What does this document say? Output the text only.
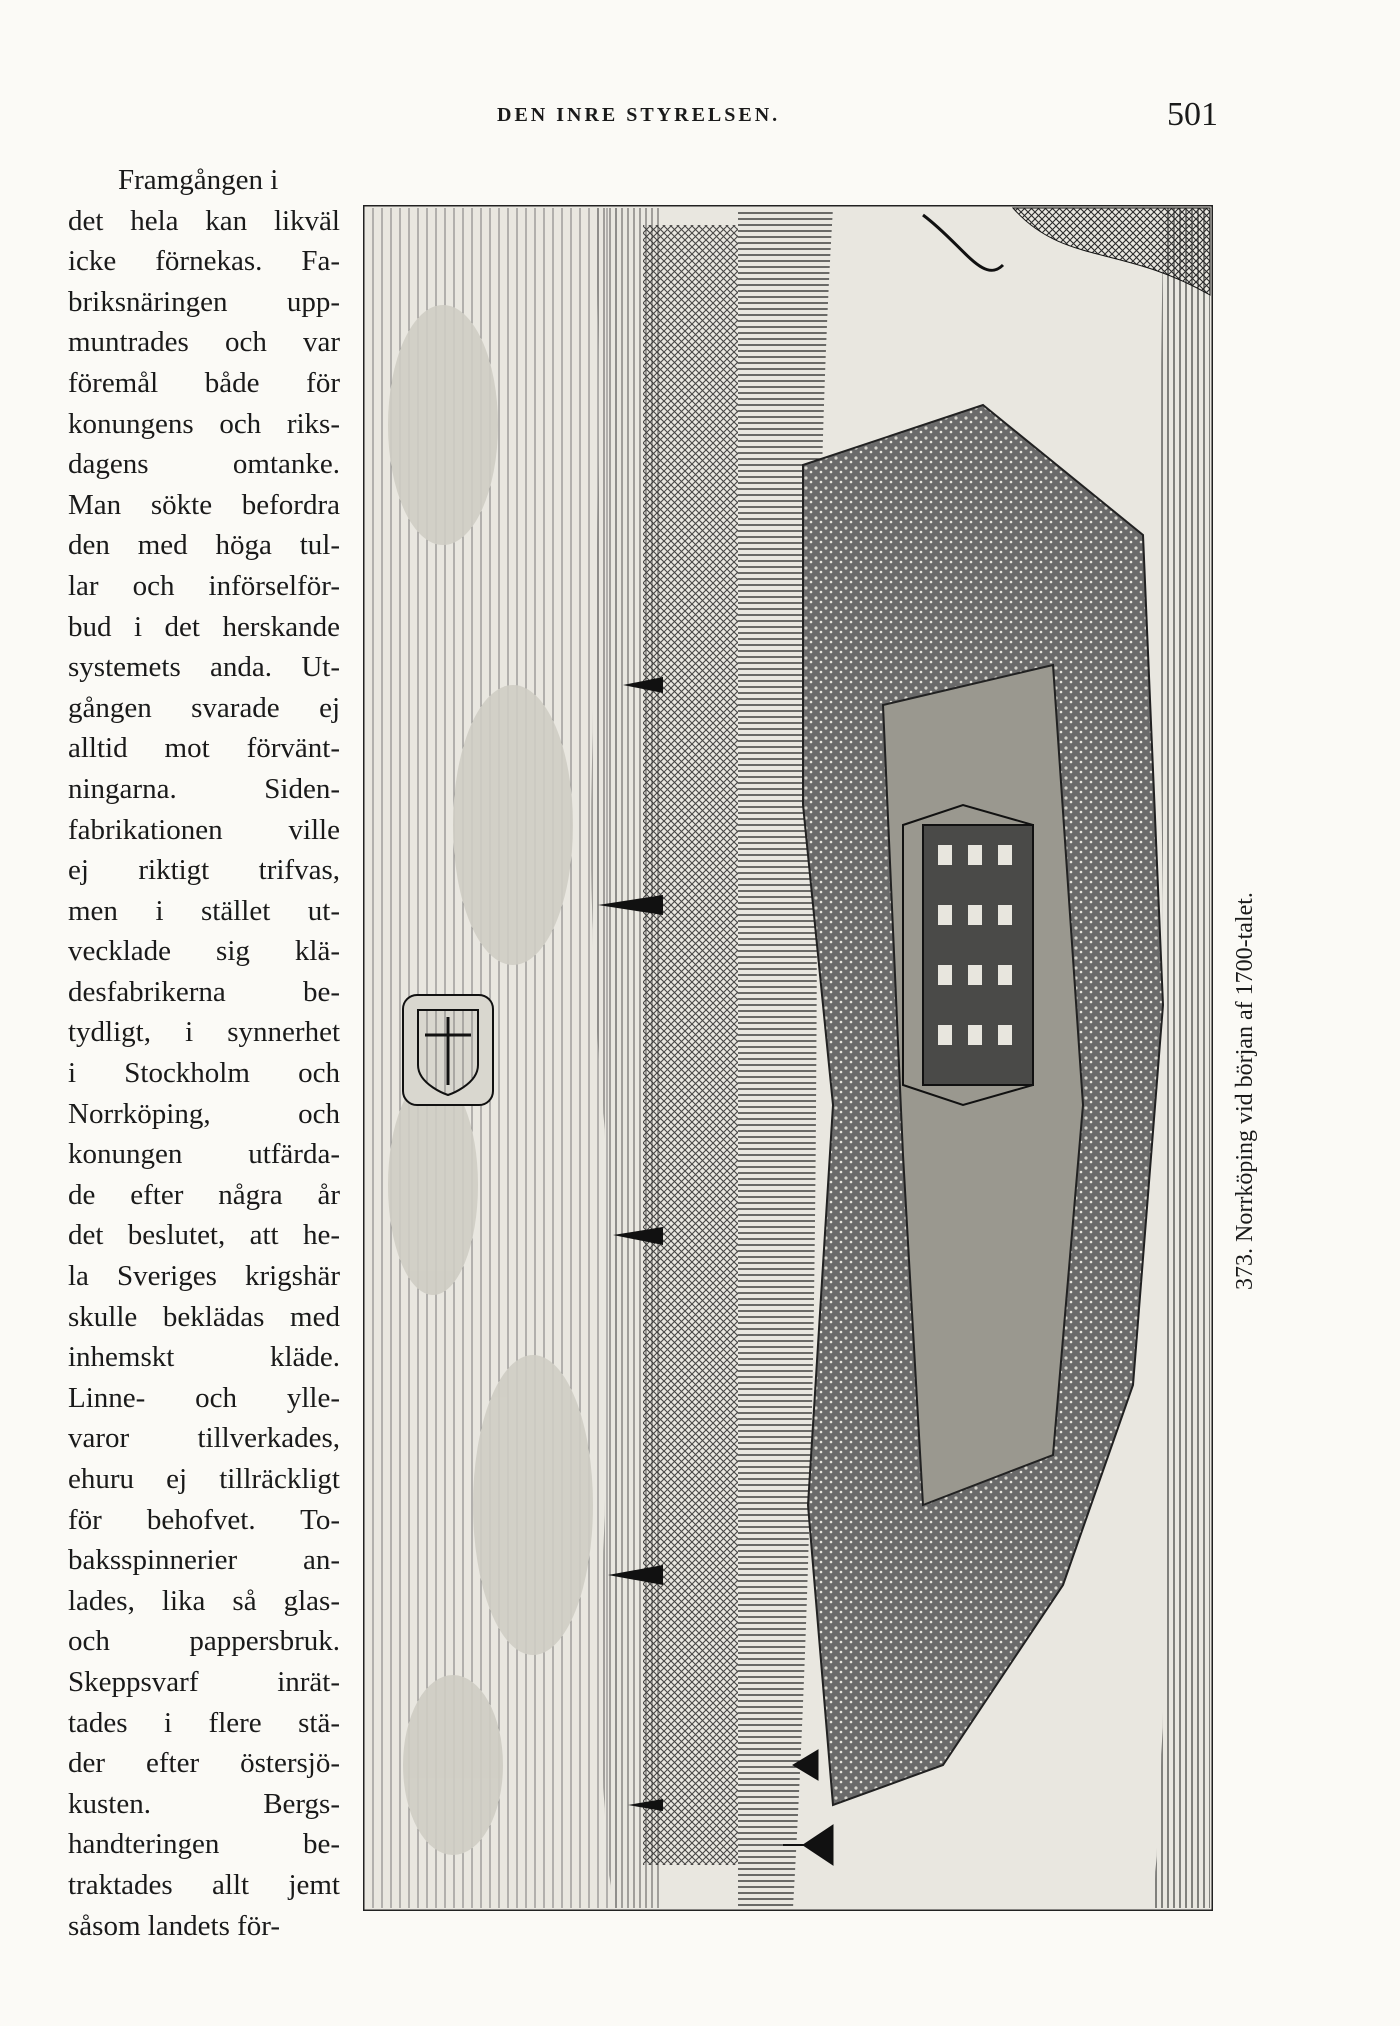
DEN INRE STYRELSEN.	501
Framgången i
det hela kan likväl
icke förnekas. Fa-
briksnäringen upp-
muntrades och var
föremål både för
konungens och riks-
dagens omtanke.
Man sökte befordra
den med höga tul-
lar och införselför-
bud i det herskande
systemets anda. Ut-
gången svarade ej
alltid mot förvänt-
ningarna. Siden-
fabrikationen ville
ej riktigt trifvas,
men i stället ut-
vecklade sig klä-
desfabrikerna be-
tydligt, i synnerhet
i Stockholm och
Norrköping, och
konungen utfärda-
de efter några år
det beslutet, att he-
la Sveriges krigshär
skulle beklädas med
inhemskt kläde.
Linne- och ylle-
varor tillverkades,
ehuru ej tillräckligt
för behofvet. To-
baksspinnerier an-
lades, lika så glas-
och pappersbruk.
Skeppsvarf inrät-
tades i flere stä-
der efter östersjö-
kusten. Bergs-
handteringen be-
traktades allt jemt
såsom landets för-
373. Norrköping vid början af 1700-talet.
